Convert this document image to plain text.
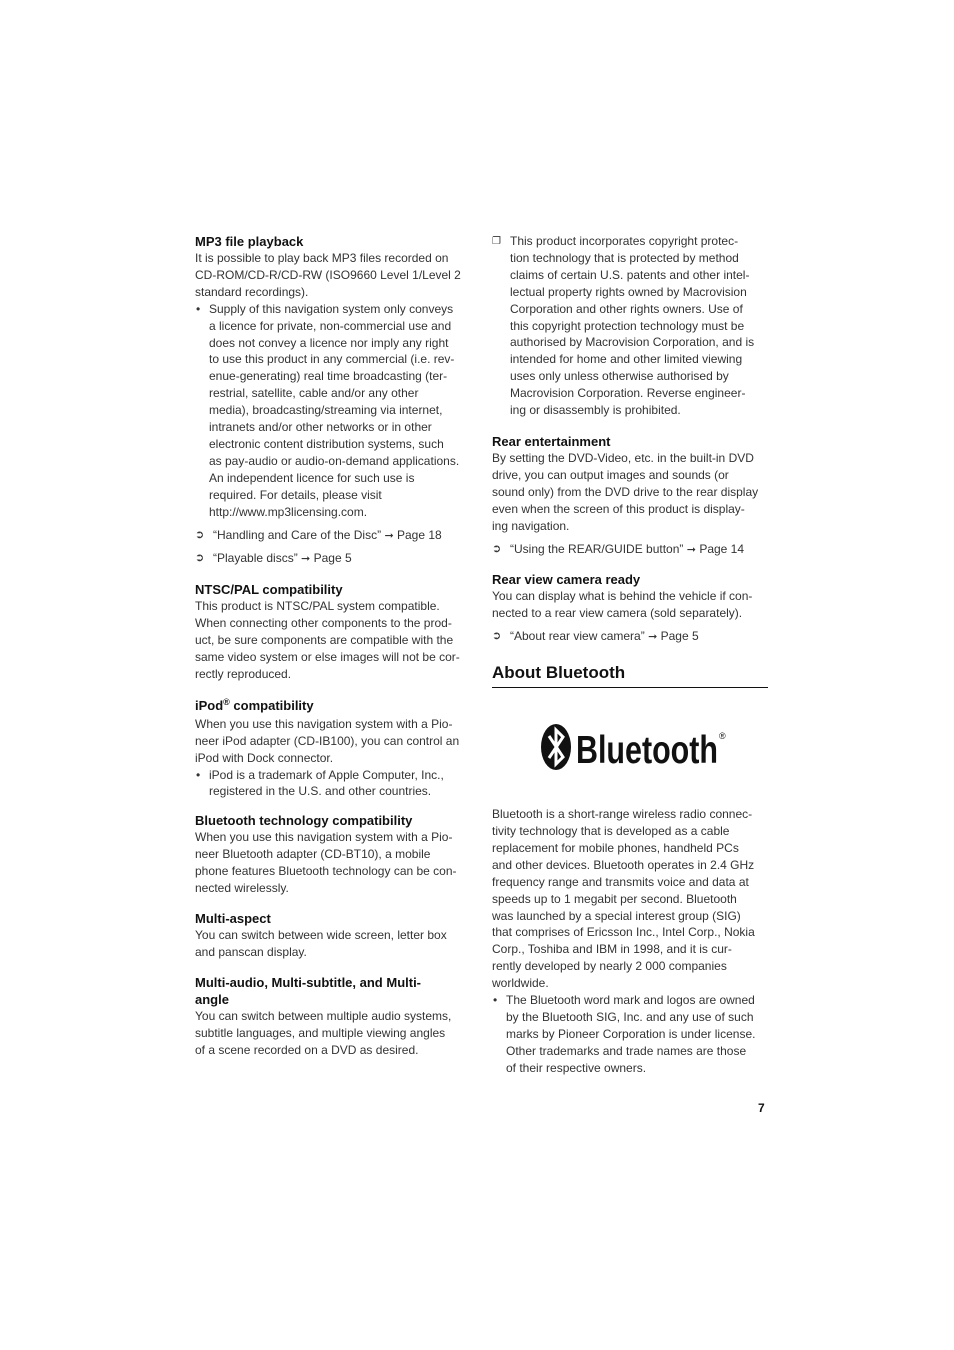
MP3 file playback
It is possible to play back MP3 files recorded on
CD-ROM/CD-R/CD-RW (ISO9660 Level 1/Level 2
standard recordings).
• Supply of this navigation system only conveys
a licence for private, non-commercial use and
does not convey a licence nor imply any right
to use this product in any commercial (i.e. rev-
enue-generating) real time broadcasting (ter-
restrial, satellite, cable and/or any other
media), broadcasting/streaming via internet,
intranets and/or other networks or in other
electronic content distribution systems, such
as pay-audio or audio-on-demand applications.
An independent licence for such use is
required. For details, please visit
http://www.mp3licensing.com.
➲ “Handling and Care of the Disc” ➞ Page 18
➲ “Playable discs” ➞ Page 5
NTSC/PAL compatibility
This product is NTSC/PAL system compatible.
When connecting other components to the prod-
uct, be sure components are compatible with the
same video system or else images will not be cor-
rectly reproduced.
iPod® compatibility
When you use this navigation system with a Pio-
neer iPod adapter (CD-IB100), you can control an
iPod with Dock connector.
• iPod is a trademark of Apple Computer, Inc.,
registered in the U.S. and other countries.
Bluetooth technology compatibility
When you use this navigation system with a Pio-
neer Bluetooth adapter (CD-BT10), a mobile
phone features Bluetooth technology can be con-
nected wirelessly.
Multi-aspect
You can switch between wide screen, letter box
and panscan display.
Multi-audio, Multi-subtitle, and Multi-
angle
You can switch between multiple audio systems,
subtitle languages, and multiple viewing angles
of a scene recorded on a DVD as desired.
❐ This product incorporates copyright protec-
tion technology that is protected by method
claims of certain U.S. patents and other intel-
lectual property rights owned by Macrovision
Corporation and other rights owners. Use of
this copyright protection technology must be
authorised by Macrovision Corporation, and is
intended for home and other limited viewing
uses only unless otherwise authorised by
Macrovision Corporation. Reverse engineer-
ing or disassembly is prohibited.
Rear entertainment
By setting the DVD-Video, etc. in the built-in DVD
drive, you can output images and sounds (or
sound only) from the DVD drive to the rear display
even when the screen of this product is display-
ing navigation.
➲ “Using the REAR/GUIDE button” ➞ Page 14
Rear view camera ready
You can display what is behind the vehicle if con-
nected to a rear view camera (sold separately).
➲ “About rear view camera” ➞ Page 5
About Bluetooth
Bluetooth ®
Bluetooth is a short-range wireless radio connec-
tivity technology that is developed as a cable
replacement for mobile phones, handheld PCs
and other devices. Bluetooth operates in 2.4 GHz
frequency range and transmits voice and data at
speeds up to 1 megabit per second. Bluetooth
was launched by a special interest group (SIG)
that comprises of Ericsson Inc., Intel Corp., Nokia
Corp., Toshiba and IBM in 1998, and it is cur-
rently developed by nearly 2 000 companies
worldwide.
• The Bluetooth word mark and logos are owned
by the Bluetooth SIG, Inc. and any use of such
marks by Pioneer Corporation is under license.
Other trademarks and trade names are those
of their respective owners.
7
